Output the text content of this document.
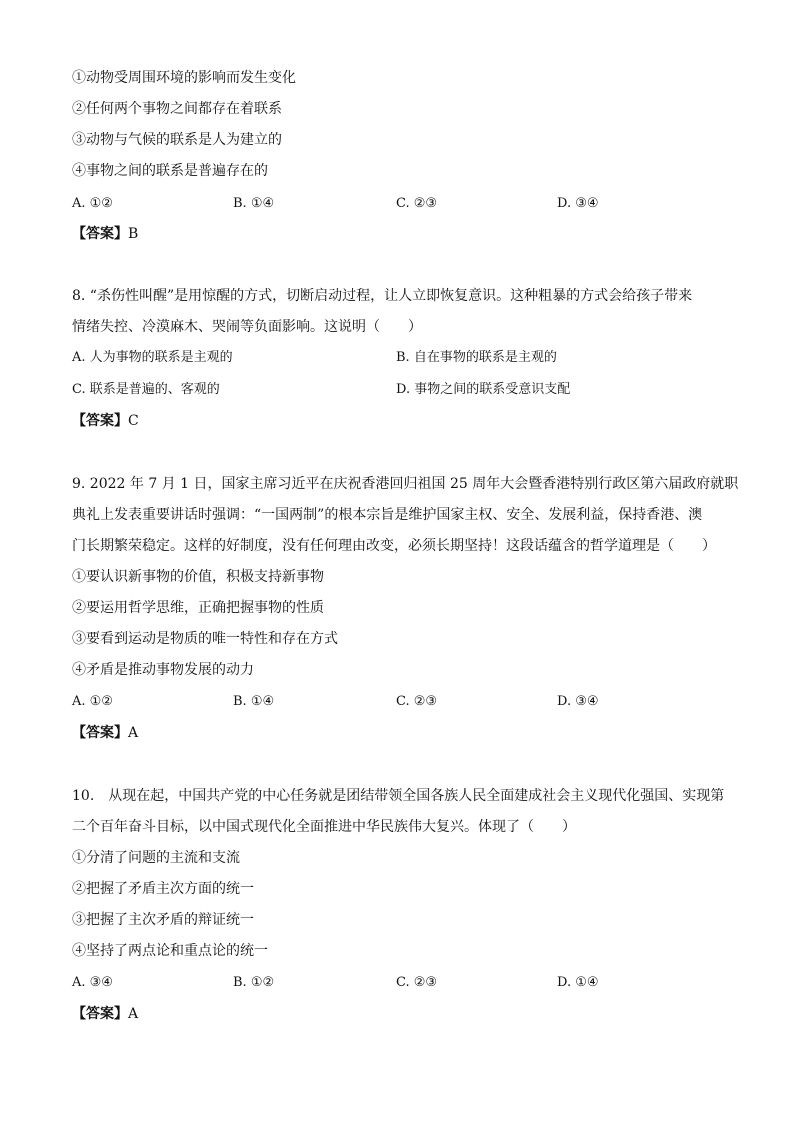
①动物受周围环境的影响而发生变化
②任何两个事物之间都存在着联系
③动物与气候的联系是人为建立的
④事物之间的联系是普遍存在的
A. ①②	B. ①④	C. ②③	D. ③④
【答案】B
8. “杀伤性叫醒”是用惊醒的方式，切断启动过程，让人立即恢复意识。这种粗暴的方式会给孩子带来
情绪失控、冷漠麻木、哭闹等负面影响。这说明（　　）
A. 人为事物的联系是主观的	B. 自在事物的联系是主观的
C. 联系是普遍的、客观的	D. 事物之间的联系受意识支配
【答案】C
9. 2022 年 7 月 1 日，国家主席习近平在庆祝香港回归祖国 25 周年大会暨香港特别行政区第六届政府就职
典礼上发表重要讲话时强调：“一国两制”的根本宗旨是维护国家主权、安全、发展利益，保持香港、澳
门长期繁荣稳定。这样的好制度，没有任何理由改变，必须长期坚持！这段话蕴含的哲学道理是（　　）
①要认识新事物的价值，积极支持新事物
②要运用哲学思维，正确把握事物的性质
③要看到运动是物质的唯一特性和存在方式
④矛盾是推动事物发展的动力
A. ①②	B. ①④	C. ②③	D. ③④
【答案】A
10.　从现在起，中国共产党的中心任务就是团结带领全国各族人民全面建成社会主义现代化强国、实现第
二个百年奋斗目标，以中国式现代化全面推进中华民族伟大复兴。体现了（　　）
①分清了问题的主流和支流
②把握了矛盾主次方面的统一
③把握了主次矛盾的辩证统一
④坚持了两点论和重点论的统一
A. ③④	B. ①②	C. ②③	D. ①④
【答案】A
